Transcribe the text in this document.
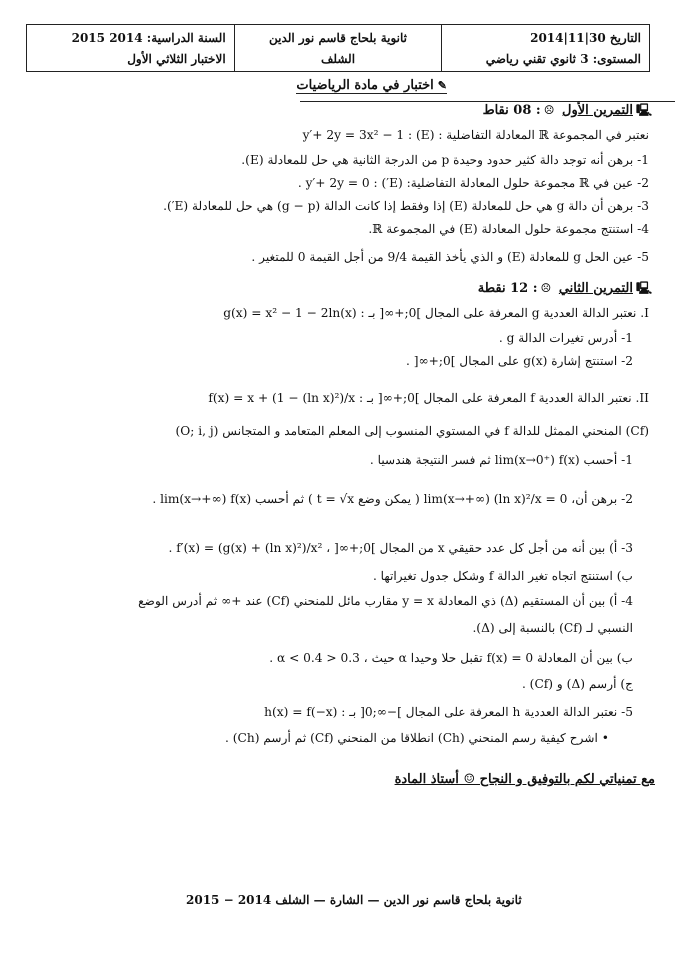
التاريخ 30|11|2014
المستوى: 3 ثانوي تقني رياضي
ثانوية بلحاج قاسم نور الدين
الشلف
السنة الدراسية: 2014 2015
الاختبار الثلاثي الأول
✎اختبار في مادة الرياضيات
🖳التمرين الأول ☹: 08 نقاط
نعتبر في المجموعة ℝ المعادلة التفاضلية : (E) : y′+ 2y = 3x² − 1
1- برهن أنه توجد دالة كثير حدود وحيدة p من الدرجة الثانية هي حل للمعادلة (E).
2- عين في ℝ مجموعة حلول المعادلة التفاضلية: (E′) : y′+ 2y = 0 .
3- برهن أن دالة g هي حل للمعادلة (E) إذا وفقط إذا كانت الدالة (g − p) هي حل للمعادلة (E′).
4- استنتج مجموعة حلول المعادلة (E) في المجموعة ℝ.
5- عين الحل g للمعادلة (E) و الذي يأخذ القيمة 9/4 من أجل القيمة 0 للمتغير .
🖳التمرين الثاني ☹: 12 نقطة
I. نعتبر الدالة العددية g المعرفة على المجال ]0;+∞[ بـ : g(x) = x² − 1 − 2ln(x)
1- أدرس تغيرات الدالة g .
2- استنتج إشارة g(x) على المجال ]0;+∞[ .
II. نعتبر الدالة العددية f المعرفة على المجال ]0;+∞[ بـ : f(x) = x + (1 − (ln x)²)/x
(Cf) المنحني الممثل للدالة f في المستوي المنسوب إلى المعلم المتعامد و المتجانس (O; i, j)
1- أحسب lim(x→0⁺) f(x) ثم فسر النتيجة هندسيا .
2- برهن أن، lim(x→+∞) (ln x)²/x = 0 ( يمكن وضع t = √x ) ثم أحسب lim(x→+∞) f(x) .
3- أ) بين أنه من أجل كل عدد حقيقي x من المجال ]0;+∞[ ، f′(x) = (g(x) + (ln x)²)/x² .
ب) استنتج اتجاه تغير الدالة f وشكل جدول تغيراتها .
4- أ) بين أن المستقيم (Δ) ذي المعادلة y = x مقارب مائل للمنحني (Cf) عند +∞ ثم أدرس الوضع
النسبي لـ (Cf) بالنسبة إلى (Δ).
ب) بين أن المعادلة f(x) = 0 تقبل حلا وحيدا α حيث ، 0.3 < α < 0.4 .
ج) أرسم (Δ) و (Cf) .
5- نعتبر الدالة العددية h المعرفة على المجال ]−∞;0[ بـ : h(x) = f(−x)
• اشرح كيفية رسم المنحني (Ch) انطلاقا من المنحني (Cf) ثم أرسم (Ch) .
مع تمنياتي لكم بالتوفيق و النجاح ☺ أستاذ المادة
ثانوية بلحاج قاسم نور الدين — الشارة — الشلف 2014 − 2015
